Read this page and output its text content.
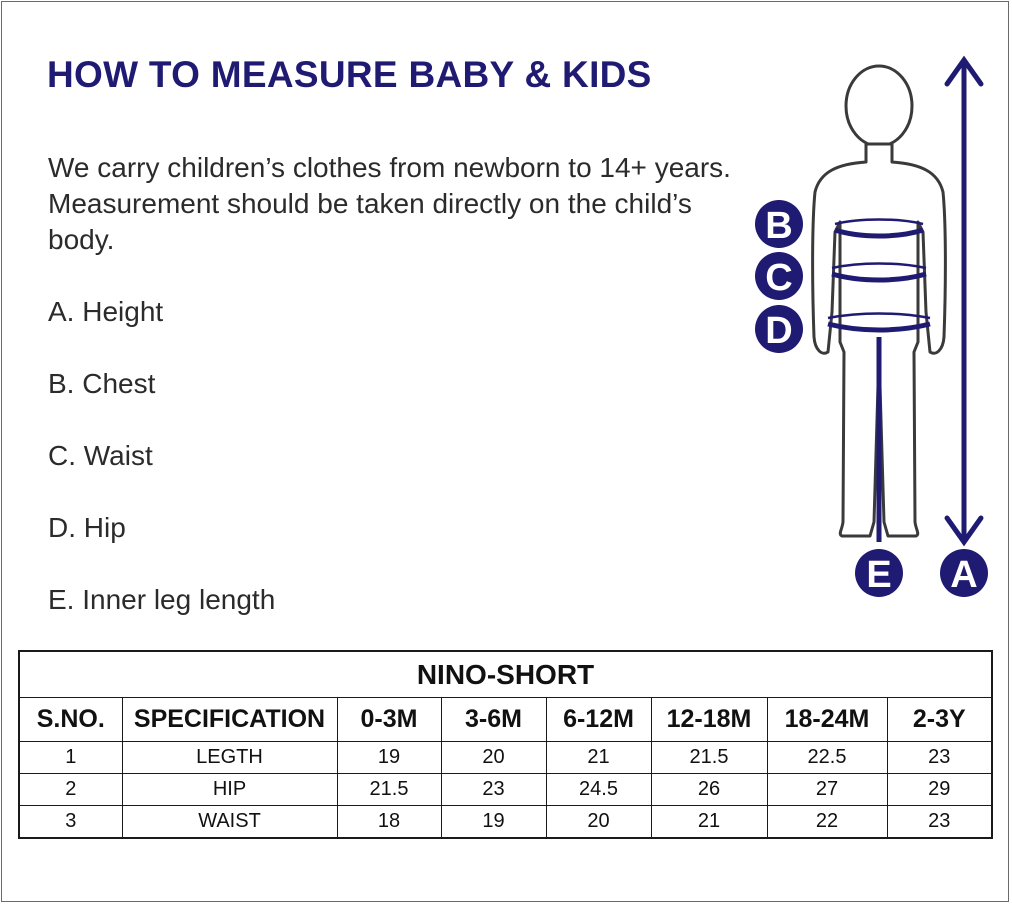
HOW TO MEASURE BABY & KIDS

We carry children’s clothes from newborn to 14+ years. Measurement should be taken directly on the child’s body.

A. Height
B. Chest
C. Waist
D. Hip
E. Inner leg length
B
C
D
E A
NINO-SHORT							
S.NO.	SPECIFICATION	0-3M	3-6M	6-12M	12-18M	18-24M	2-3Y
1	LEGTH	19	20	21	21.5	22.5	23
2	HIP	21.5	23	24.5	26	27	29
3	WAIST	18	19	20	21	22	23
